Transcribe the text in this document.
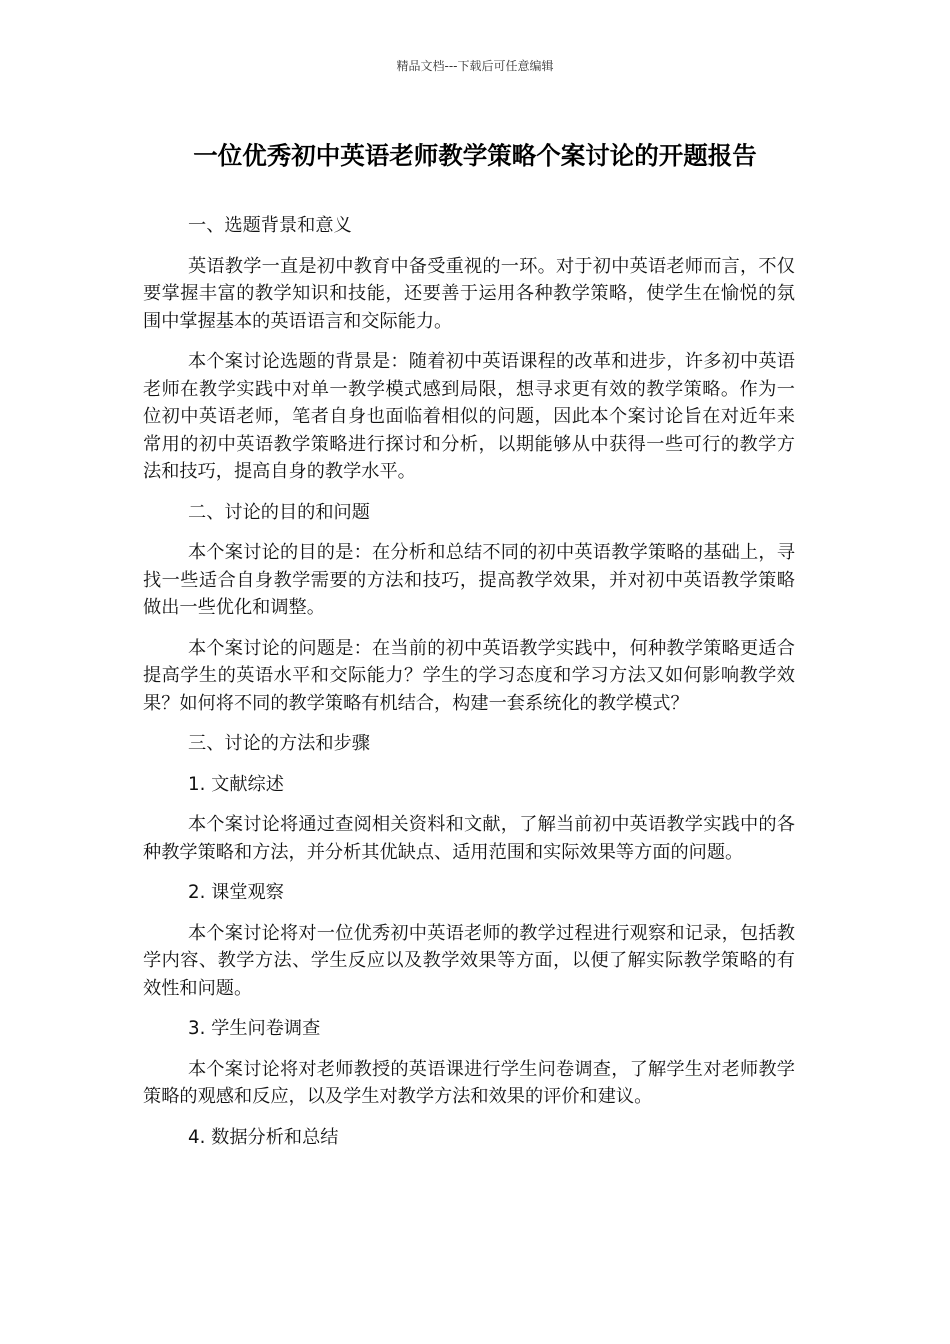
精品文档---下载后可任意编辑
一位优秀初中英语老师教学策略个案讨论的开题报告

一、选题背景和意义

英语教学一直是初中教育中备受重视的一环。对于初中英语老师而言，不仅要掌握丰富的教学知识和技能，还要善于运用各种教学策略，使学生在愉悦的氛围中掌握基本的英语语言和交际能力。

本个案讨论选题的背景是：随着初中英语课程的改革和进步，许多初中英语老师在教学实践中对单一教学模式感到局限，想寻求更有效的教学策略。作为一位初中英语老师，笔者自身也面临着相似的问题，因此本个案讨论旨在对近年来常用的初中英语教学策略进行探讨和分析，以期能够从中获得一些可行的教学方法和技巧，提高自身的教学水平。

二、讨论的目的和问题

本个案讨论的目的是：在分析和总结不同的初中英语教学策略的基础上，寻找一些适合自身教学需要的方法和技巧，提高教学效果，并对初中英语教学策略做出一些优化和调整。

本个案讨论的问题是：在当前的初中英语教学实践中，何种教学策略更适合提高学生的英语水平和交际能力？学生的学习态度和学习方法又如何影响教学效果？如何将不同的教学策略有机结合，构建一套系统化的教学模式？

三、讨论的方法和步骤

1. 文献综述

本个案讨论将通过查阅相关资料和文献，了解当前初中英语教学实践中的各种教学策略和方法，并分析其优缺点、适用范围和实际效果等方面的问题。

2. 课堂观察

本个案讨论将对一位优秀初中英语老师的教学过程进行观察和记录，包括教学内容、教学方法、学生反应以及教学效果等方面，以便了解实际教学策略的有效性和问题。

3. 学生问卷调查

本个案讨论将对老师教授的英语课进行学生问卷调查，了解学生对老师教学策略的观感和反应，以及学生对教学方法和效果的评价和建议。

4. 数据分析和总结
